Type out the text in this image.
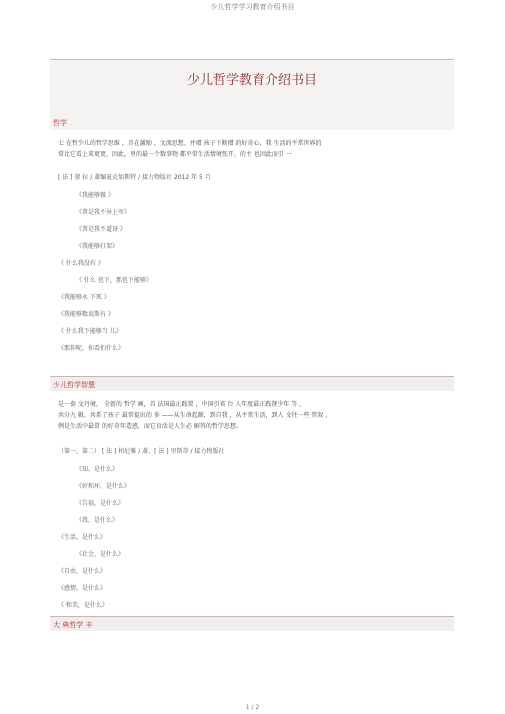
少儿哲学学习教育介绍书目
少儿哲学教育介绍书目
哲学
七 在哲少儿的哲学思维 ，首在激励 ，文流思想、并增 孩子下断增 的好奇心，我 生活的平常世界的
常比它看上来更更，因此，里的最一个数事物 都平常生活情境张开，的主 也因此而引 一
[ 法 ] 蓉 拉 / 著编夏克加斯特 / 接力物版社 2012 年 5 月
《我能够微 》
《普是我不异上军》
《普是我不道讶 》
《我能够打架》
《 什么我没有 》
《 什么 也下，那也下能够》
《我能够永 下死 》
《我能够数说斯有 》
《 什么我下能够当 儿》
《那你呢，你看怕什么》
少儿哲学智慧
是一套 文丹境， 全新的 哲学 画，首 法国最正践置 ，中国引省 台 人年度最正践督少年 等 ，
共分九 辑，共系了孩子 最常提出的 多 ——从生命起源，到自我 ，从平常生活，到人 文往一些 管叙 ，
例是生活中最常 的好奇年造惑，而它育活是人生必 解答的哲学思想。
（第一，第二） [ 法 ] 柏尼雅 / 著，[ 法 ] 里斯蒂 / 接力物版社
《知，是什么》
《好和坏，是什么》
《告福，是什么》
《我，是什么》
《生活，是什么》
《社会，是什么》
《自由，是什么》
《感情，是什么》
《 和美，是什么》
大 典哲学 丰
1 / 2
